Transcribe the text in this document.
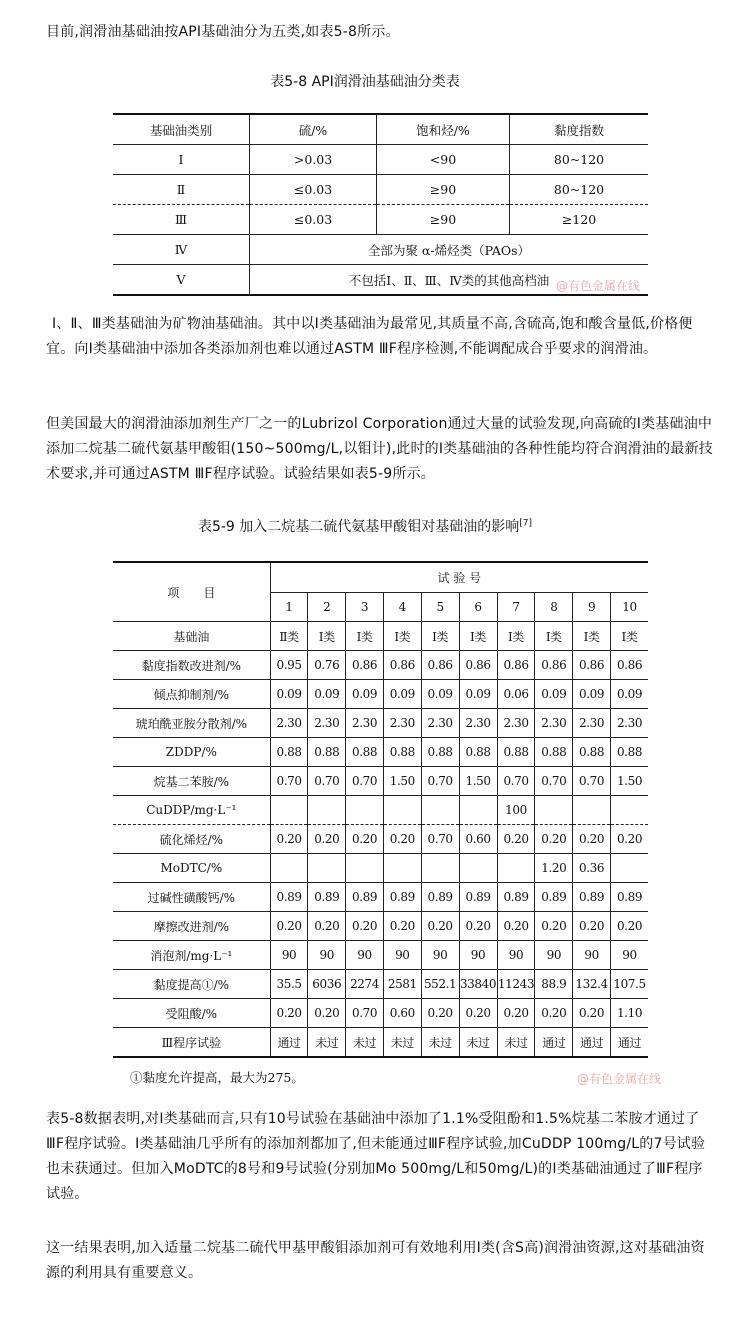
目前,润滑油基础油按API基础油分为五类,如表5-8所示。
表5-8 API润滑油基础油分类表
基础油类别	硫/%	饱和烃/%	黏度指数
Ⅰ	>0.03	<90	80~120
Ⅱ	≤0.03	≥90	80~120
Ⅲ	≤0.03	≥90	≥120
Ⅳ	全部为聚 α-烯烃类（PAOs）		
Ⅴ	不包括Ⅰ、Ⅱ、Ⅲ、Ⅳ类的其他高档油		@有色金属在线
Ⅰ、Ⅱ、Ⅲ类基础油为矿物油基础油。其中以Ⅰ类基础油为最常见,其质量不高,含硫高,饱和酸含量低,价格便宜。向Ⅰ类基础油中添加各类添加剂也难以通过ASTM ⅢF程序检测,不能调配成合乎要求的润滑油。
但美国最大的润滑油添加剂生产厂之一的Lubrizol Corporation通过大量的试验发现,向高硫的Ⅰ类基础油中添加二烷基二硫代氨基甲酸钼(150~500mg/L,以钼计),此时的Ⅰ类基础油的各种性能均符合润滑油的最新技术要求,并可通过ASTM ⅢF程序试验。试验结果如表5-9所示。
表5-9 加入二烷基二硫代氨基甲酸钼对基础油的影响[7]
项　　目	试 验 号									
	1	2	3	4	5	6	7	8	9	10
基础油	Ⅱ类	Ⅰ类	Ⅰ类	Ⅰ类	Ⅰ类	Ⅰ类	Ⅰ类	Ⅰ类	Ⅰ类	Ⅰ类
黏度指数改进剂/%	0.95	0.76	0.86	0.86	0.86	0.86	0.86	0.86	0.86	0.86
倾点抑制剂/%	0.09	0.09	0.09	0.09	0.09	0.09	0.06	0.09	0.09	0.09
琥珀酰亚胺分散剂/%	2.30	2.30	2.30	2.30	2.30	2.30	2.30	2.30	2.30	2.30
ZDDP/%	0.88	0.88	0.88	0.88	0.88	0.88	0.88	0.88	0.88	0.88
烷基二苯胺/%	0.70	0.70	0.70	1.50	0.70	1.50	0.70	0.70	0.70	1.50
CuDDP/mg·L⁻¹							100			
硫化烯烃/%	0.20	0.20	0.20	0.20	0.70	0.60	0.20	0.20	0.20	0.20
MoDTC/%								1.20	0.36	
过碱性磺酸钙/%	0.89	0.89	0.89	0.89	0.89	0.89	0.89	0.89	0.89	0.89
摩擦改进剂/%	0.20	0.20	0.20	0.20	0.20	0.20	0.20	0.20	0.20	0.20
消泡剂/mg·L⁻¹	90	90	90	90	90	90	90	90	90	90
黏度提高①/%	35.5	6036	2274	2581	552.1	33840	11243	88.9	132.4	107.5
受阻酸/%	0.20	0.20	0.70	0.60	0.20	0.20	0.20	0.20	0.20	1.10
Ⅲ程序试验	通过	未过	未过	未过	未过	未过	未过	通过	通过	通过
①黏度允许提高，最大为275。	@有色金属在线
表5-8数据表明,对Ⅰ类基础而言,只有10号试验在基础油中添加了1.1%受阻酚和1.5%烷基二苯胺才通过了ⅢF程序试验。Ⅰ类基础油几乎所有的添加剂都加了,但未能通过ⅢF程序试验,加CuDDP 100mg/L的7号试验也未获通过。但加入MoDTC的8号和9号试验(分别加Mo 500mg/L和50mg/L)的Ⅰ类基础油通过了ⅢF程序试验。
这一结果表明,加入适量二烷基二硫代甲基甲酸钼添加剂可有效地利用Ⅰ类(含S高)润滑油资源,这对基础油资源的利用具有重要意义。
